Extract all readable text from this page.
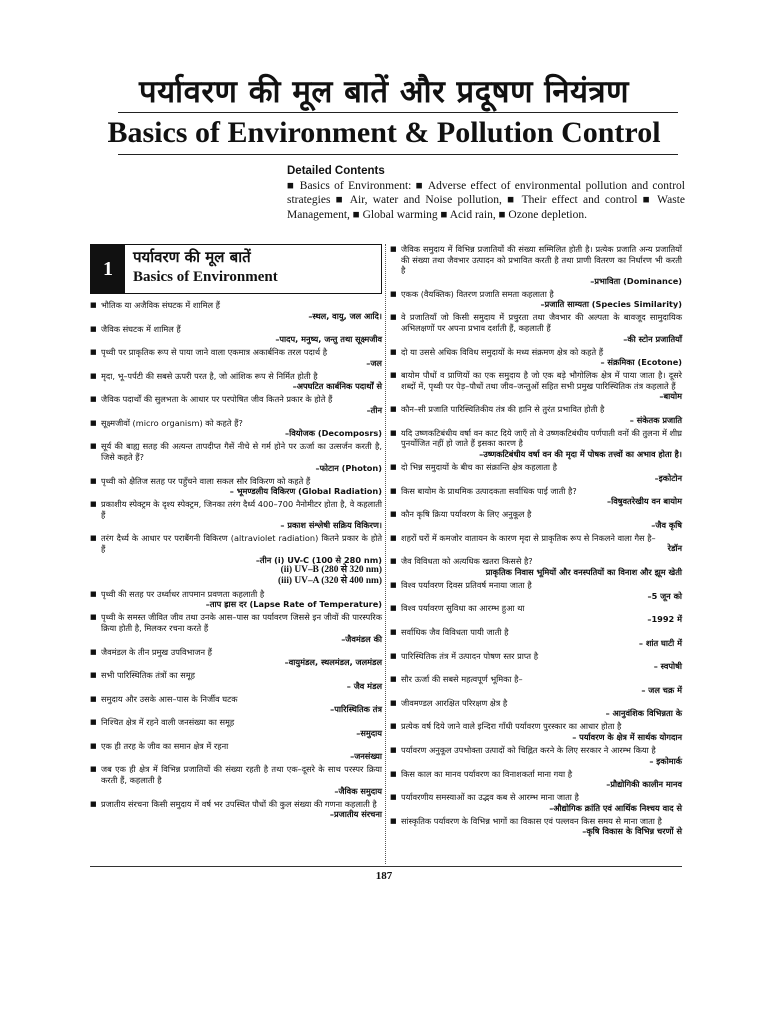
पर्यावरण की मूल बातें और प्रदूषण नियंत्रण
Basics of Environment & Pollution Control
Detailed Contents
■ Basics of Environment: ■ Adverse effect of environmental pollution and control strategies ■ Air, water and Noise pollution, ■ Their effect and control ■ Waste Management, ■ Global warming ■ Acid rain, ■ Ozone depletion.
1
पर्यावरण की मूल बातें
Basics of Environment
■ भौतिक या अजैविक संघटक में शामिल हैं
–स्थल, वायु, जल आदि।
■ जैविक संघटक में शामिल हैं
–पादप, मनुष्य, जन्तु तथा सूक्ष्मजीव
■ पृथ्वी पर प्राकृतिक रूप से पाया जाने वाला एकमात्र अकार्बनिक तरल पदार्थ है
–जल
■ मृदा, भू–पर्पटी की सबसे ऊपरी परत है, जो आंशिक रूप से निर्मित होती है
–अपघटित कार्बनिक पदार्थों से
■ जैविक पदार्थों की सुलभता के आधार पर परपोषित जीव कितने प्रकार के होते हैं
–तीन
■ सूक्ष्मजीवों (micro organism) को कहते हैं?
–वियोजक (Decomposrs)
■ सूर्य की बाह्य सतह की अत्यन्त तापदीप्त गैसें नीचे से गर्म होने पर ऊर्जा का उत्सर्जन करती है, जिसे कहते हैं?
–फोटान (Photon)
■ पृथ्वी को क्षैतिज सतह पर पहुँचने वाला सकल सौर विकिरण को कहते हैं
– भूमण्डलीय विकिरण (Global Radiation)
■ प्रकाशीय स्पेक्ट्रम के दृश्य स्पेक्ट्रम, जिनका तरंग दैर्ध्य 400–700 नैनोमीटर होता है, वे कहलाती हैं
– प्रकाश संश्लेषी सक्रिय विकिरण।
■ तरंग दैर्ध्य के आधार पर पराबैंगनी विकिरण (altraviolet radiation) कितने प्रकार के होते हैं
–तीन (i) UV-C (100 से 280 nm)
(ii) UV–B (280 से 320 nm)
(iii) UV–A (320 से 400 nm)
■ पृथ्वी की सतह पर उर्ध्वाधर तापमान प्रवणता कहलाती है
–ताप ह्रास दर (Lapse Rate of Temperature)
■ पृथ्वी के समस्त जीवित जीव तथा उनके आस–पास का पर्यावरण जिससे इन जीवों की पारस्परिक क्रिया होती है, मिलकर रचना करते हैं
–जैवमंडल की
■ जैवमंडल के तीन प्रमुख उपविभाजन हैं
–वायुमंडल, स्थलमंडल, जलमंडल
■ सभी पारिस्थितिक तंत्रों का समूह
– जैव मंडल
■ समुदाय और उसके आस–पास के निर्जीव घटक
–पारिस्थितिक तंत्र
■ निश्चित क्षेत्र में रहने वाली जनसंख्या का समूह
–समुदाय
■ एक ही तरह के जीव का समान क्षेत्र में रहना
–जनसंख्या
■ जब एक ही क्षेत्र में विभिन्न प्रजातियों की संख्या रहती है तथा एक–दूसरे के साथ परस्पर क्रिया करती हैं, कहलाती है
–जैविक समुदाय
■ प्रजातीय संरचना किसी समुदाय में वर्ष भर उपस्थित पौधों की कुल संख्या की गणना कहलाती है
–प्रजातीय संरचना
■ जैविक समुदाय में विभिन्न प्रजातियों की संख्या सम्मिलित होती है। प्रत्येक प्रजाति अन्य प्रजातियों की संख्या तथा जैवभार उत्पादन को प्रभावित करती है तथा प्राणी वितरण का निर्धारण भी करती है
–प्रभाविता (Dominance)
■ एकक (वैयक्तिक) वितरण प्रजाति समता कहलाता है
–प्रजाति साम्यता (Species Similarity)
■ वे प्रजातियाँ जो किसी समुदाय में प्रचुरता तथा जैवभार की अल्पता के बावजूद सामुदायिक अभिलक्षणों पर अपना प्रभाव दर्शाती हैं, कहलाती हैं
–की स्टोन प्रजातियाँ
■ दो या उससे अधिक विविध समुदायों के मध्य संक्रमण क्षेत्र को कहते हैं
– संक्रमिका (Ecotone)
■ बायोम पौधों व प्राणियों का एक समुदाय है जो एक बड़े भौगोलिक क्षेत्र में पाया जाता है। दूसरे शब्दों में, पृथ्वी पर पेड़–पौधों तथा जीव–जन्तुओं सहित सभी प्रमुख पारिस्थितिक तंत्र कहलाते हैं
–बायोम
■ कौन–सी प्रजाति पारिस्थितिकीय तंत्र की हानि से तुरंत प्रभावित होती है
– संकेतक प्रजाति
■ यदि उष्णकटिबंधीय वर्षा वन काट दिये जाएँ तो वे उष्णकटिबंधीय पर्णपाती वनों की तुलना में शीघ्र पुनर्योजित नहीं हो जाते हैं इसका कारण है
–उष्णकटिबंधीय वर्षा वन की मृदा में पोषक तत्त्वों का अभाव होता है।
■ दो भिन्न समुदायों के बीच का संक्रान्ति क्षेत्र कहलाता है
–इकोटोन
■ किस बायोम के प्राथमिक उत्पादकता सर्वाधिक पाई जाती है?
–विषुवतरेखीय वन बायोम
■ कौन कृषि क्रिया पर्यावरण के लिए अनुकूल है
–जैव कृषि
■ शहरों घरों में कमजोर वातायन के कारण मृदा से प्राकृतिक रूप से निकलने वाला गैस है–
रेडॉन
■ जैव विविधता को अत्यधिक खतरा किससे है?
प्राकृतिक निवास भूमियों और वनस्पतियों का विनाश और झूम खेती
■ विश्व पर्यावरण दिवस प्रतिवर्ष मनाया जाता है
–5 जून को
■ विश्व पर्यावरण सुविधा का आरम्भ हुआ था
–1992 में
■ सर्वाधिक जैव विविधता पायी जाती है
– शांत घाटी में
■ पारिस्थितिक तंत्र में उत्पादन पोषण स्तर प्राप्त है
– स्वपोषी
■ सौर ऊर्जा की सबसे महत्वपूर्ण भूमिका है–
– जल चक्र में
■ जीवमण्डल आरक्षित परिरक्षण क्षेत्र है
– आनुवंशिक विभिन्नता के
■ प्रत्येक वर्ष दिये जाने वाले इन्दिरा गाँधी पर्यावरण पुरस्कार का आधार होता है
– पर्यावरण के क्षेत्र में सार्थक योगदान
■ पर्यावरण अनुकूल उपभोक्ता उत्पादों को चिह्नित करने के लिए सरकार ने आरम्भ किया है
– इकोमार्क
■ किस काल का मानव पर्यावरण का विनाशकर्ता माना गया है
–प्रौद्योगिकी कालीन मानव
■ पर्यावरणीय समस्याओं का उद्भव कब से आरम्भ माना जाता है
–औद्योगिक क्रांति एवं आर्थिक निश्चय वाद से
■ सांस्कृतिक पर्यावरण के विभिन्न भागों का विकास एवं पल्लवन किस समय से माना जाता है
–कृषि विकास के विभिन्न चरणों से
187
